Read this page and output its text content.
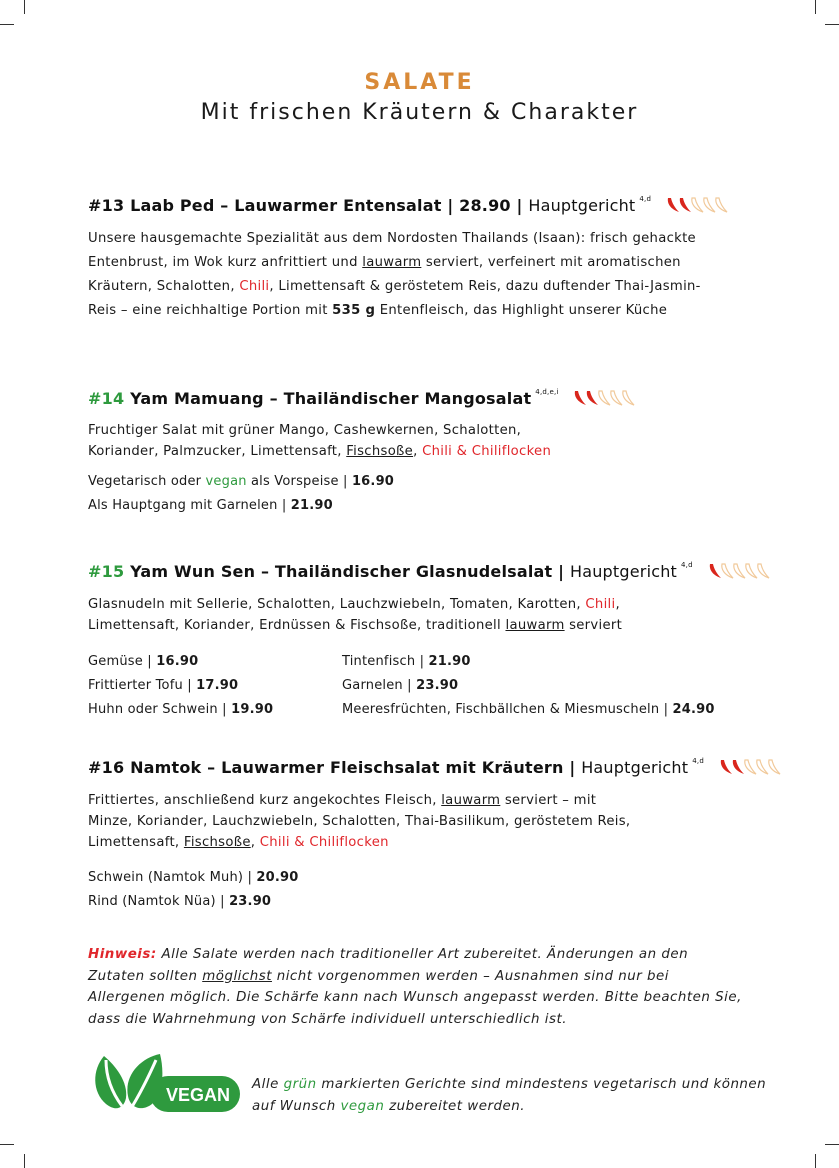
SALATE
Mit frischen Kräutern & Charakter
#13 Laab Ped – Lauwarmer Entensalat | 28.90 | Hauptgericht $^{4,d}$
Unsere hausgemachte Spezialität aus dem Nordosten Thailands (Isaan): frisch gehackte Entenbrust, im Wok kurz anfrittiert und lauwarm serviert, verfeinert mit aromatischen Kräutern, Schalotten, Chili, Limettensaft & geröstetem Reis, dazu duftender Thai-Jasmin-Reis – eine reichhaltige Portion mit 535 g Entenfleisch, das Highlight unserer Küche
#14 Yam Mamuang – Thailändischer Mangosalat $^{4,d,e,i}$
Fruchtiger Salat mit grüner Mango, Cashewkernen, Schalotten,
Koriander, Palmzucker, Limettensaft, Fischsoße, Chili & Chiliflocken
Vegetarisch oder vegan als Vorspeise | 16.90
Als Hauptgang mit Garnelen | 21.90
#15 Yam Wun Sen – Thailändischer Glasnudelsalat | Hauptgericht $^{4,d}$
Glasnudeln mit Sellerie, Schalotten, Lauchzwiebeln, Tomaten, Karotten, Chili,
Limettensaft, Koriander, Erdnüssen & Fischsoße, traditionell lauwarm serviert
Gemüse | 16.90	Tintenfisch | 21.90
Frittierter Tofu | 17.90	Garnelen | 23.90
Huhn oder Schwein | 19.90	Meeresfrüchten, Fischbällchen & Miesmuscheln | 24.90
#16 Namtok – Lauwarmer Fleischsalat mit Kräutern | Hauptgericht $^{4,d}$
Frittiertes, anschließend kurz angekochtes Fleisch, lauwarm serviert – mit
Minze, Koriander, Lauchzwiebeln, Schalotten, Thai-Basilikum, geröstetem Reis,
Limettensaft, Fischsoße, Chili & Chiliflocken
Schwein (Namtok Muh) | 20.90
Rind (Namtok Nüa) | 23.90
Hinweis: Alle Salate werden nach traditioneller Art zubereitet. Änderungen an den Zutaten sollten möglichst nicht vorgenommen werden – Ausnahmen sind nur bei Allergenen möglich. Die Schärfe kann nach Wunsch angepasst werden. Bitte beachten Sie, dass die Wahrnehmung von Schärfe individuell unterschiedlich ist.
VEGAN
Alle grün markierten Gerichte sind mindestens vegetarisch und können auf Wunsch vegan zubereitet werden.
